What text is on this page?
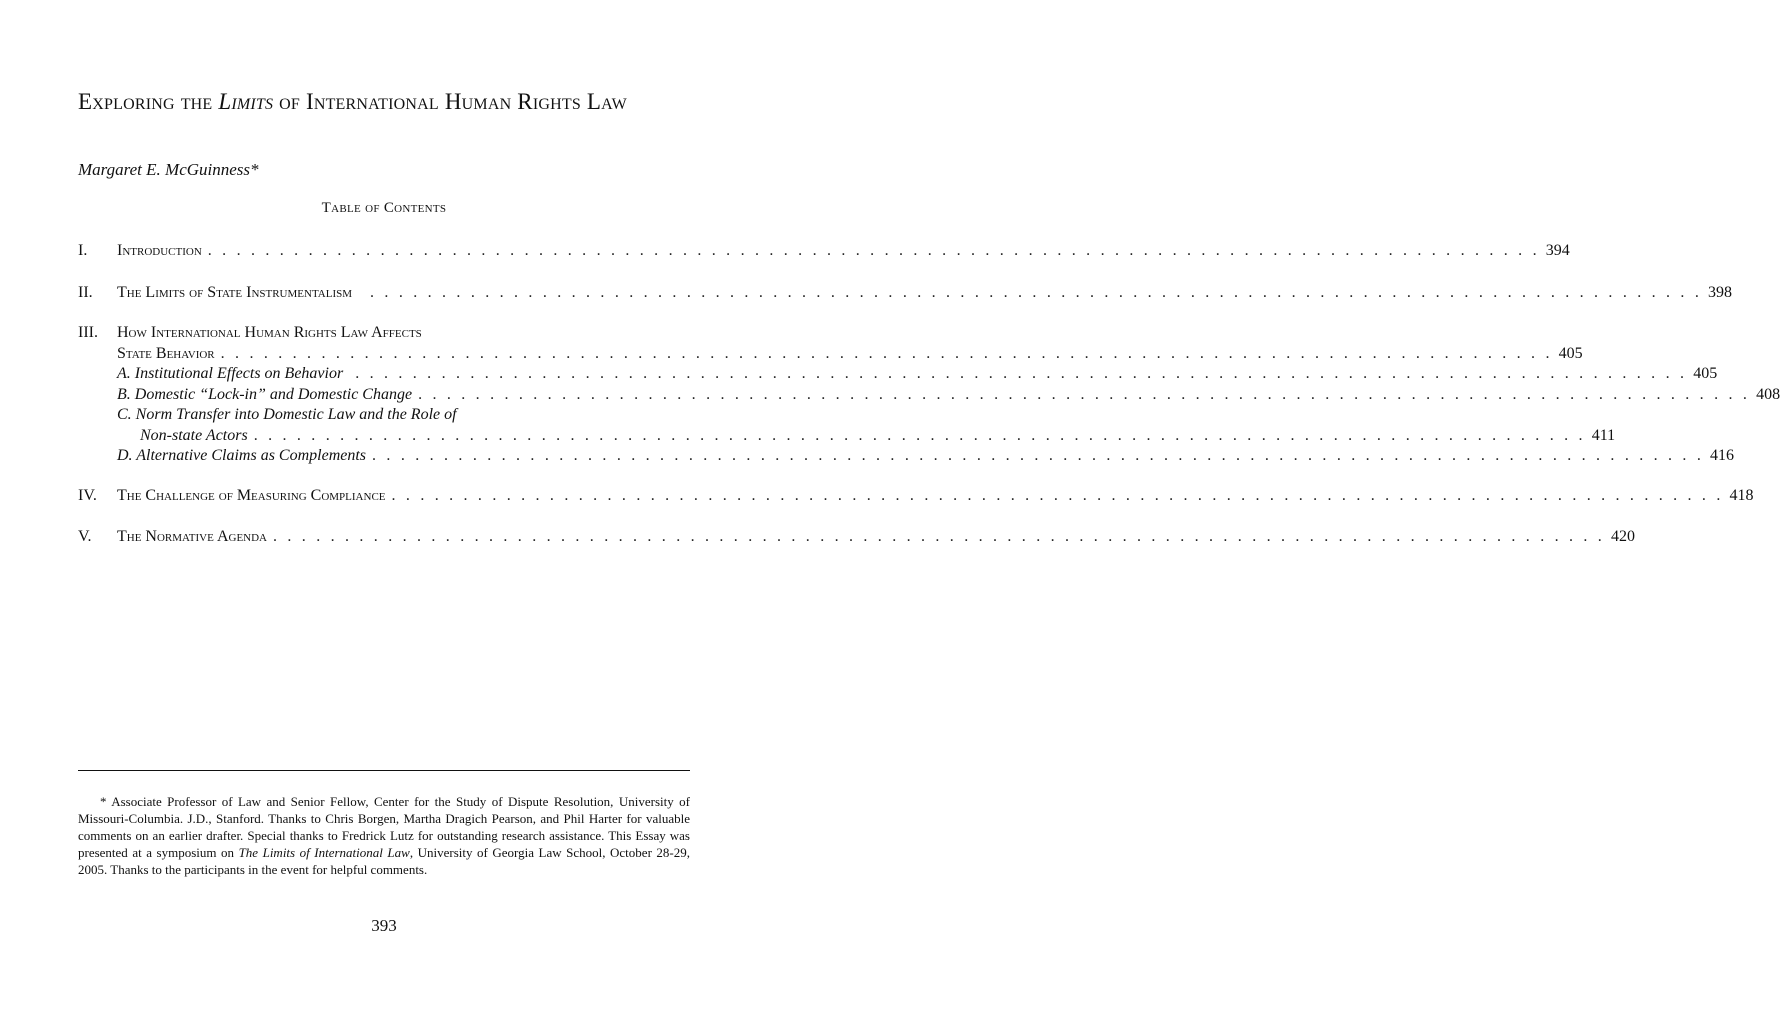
Exploring the Limits of International Human Rights Law
Margaret E. McGuinness*
Table of Contents
I. Introduction . . . . . . . . . . . . . . . . . . . . . . . . . . . . . . . . . . . . . . . . . . . . . . . . . . . . . . . . . . . . . . . . . . . . . . . . . . . . . . . . . . . . . . . . . . . . . 394
II. The Limits of State Instrumentalism . . . . . . . . . . . . . . . . . . . . . . . . . . . . . . . . . . . . . . . . . . . . . . . . . . . . . . . . . . . . . . . . . . . . . . . . . . . . . . . . . . . . . . . . . . . . . 398
III. How International Human Rights Law Affects
State Behavior . . . . . . . . . . . . . . . . . . . . . . . . . . . . . . . . . . . . . . . . . . . . . . . . . . . . . . . . . . . . . . . . . . . . . . . . . . . . . . . . . . . . . . . . . . . . . 405
A. Institutional Effects on Behavior . . . . . . . . . . . . . . . . . . . . . . . . . . . . . . . . . . . . . . . . . . . . . . . . . . . . . . . . . . . . . . . . . . . . . . . . . . . . . . . . . . . . . . . . . . . . . 405
B. Domestic “Lock-in” and Domestic Change . . . . . . . . . . . . . . . . . . . . . . . . . . . . . . . . . . . . . . . . . . . . . . . . . . . . . . . . . . . . . . . . . . . . . . . . . . . . . . . . . . . . . . . . . . . . . 408
C. Norm Transfer into Domestic Law and the Role of
Non-state Actors . . . . . . . . . . . . . . . . . . . . . . . . . . . . . . . . . . . . . . . . . . . . . . . . . . . . . . . . . . . . . . . . . . . . . . . . . . . . . . . . . . . . . . . . . . . . . 411
D. Alternative Claims as Complements . . . . . . . . . . . . . . . . . . . . . . . . . . . . . . . . . . . . . . . . . . . . . . . . . . . . . . . . . . . . . . . . . . . . . . . . . . . . . . . . . . . . . . . . . . . . . 416
IV. The Challenge of Measuring Compliance . . . . . . . . . . . . . . . . . . . . . . . . . . . . . . . . . . . . . . . . . . . . . . . . . . . . . . . . . . . . . . . . . . . . . . . . . . . . . . . . . . . . . . . . . . . . . 418
V. The Normative Agenda . . . . . . . . . . . . . . . . . . . . . . . . . . . . . . . . . . . . . . . . . . . . . . . . . . . . . . . . . . . . . . . . . . . . . . . . . . . . . . . . . . . . . . . . . . . . . 420
* Associate Professor of Law and Senior Fellow, Center for the Study of Dispute Resolution, University of Missouri-Columbia. J.D., Stanford. Thanks to Chris Borgen, Martha Dragich Pearson, and Phil Harter for valuable comments on an earlier drafter. Special thanks to Fredrick Lutz for outstanding research assistance. This Essay was presented at a symposium on The Limits of International Law, University of Georgia Law School, October 28-29, 2005. Thanks to the participants in the event for helpful comments.
393
